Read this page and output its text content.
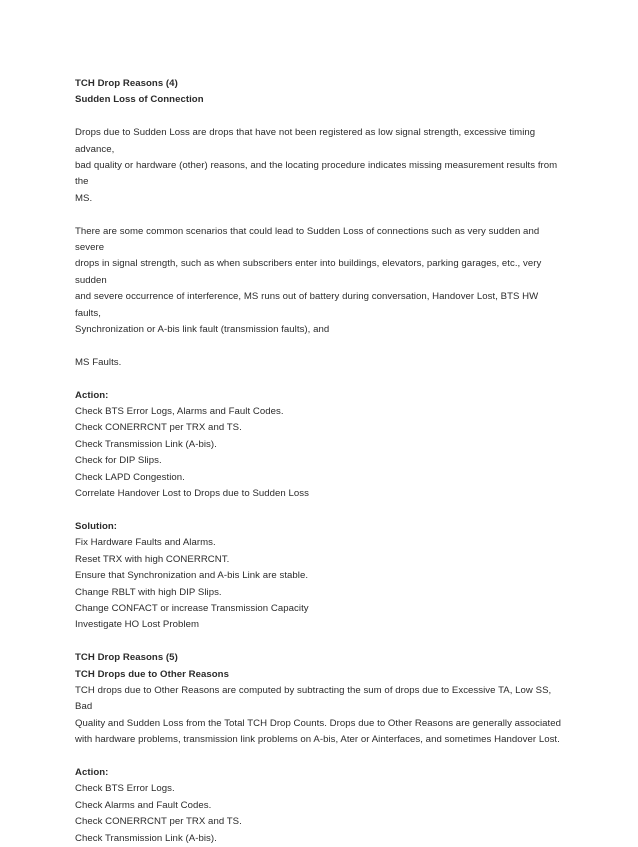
TCH Drop Reasons (4)

Sudden Loss of Connection

Drops due to Sudden Loss are drops that have not been registered as low signal strength, excessive timing advance,

bad quality or hardware (other) reasons, and the locating procedure indicates missing measurement results from the

MS.

There are some common scenarios that could lead to Sudden Loss of connections such as very sudden and severe

drops in signal strength, such as when subscribers enter into buildings, elevators, parking garages, etc., very sudden

and severe occurrence of interference, MS runs out of battery during conversation, Handover Lost, BTS HW faults,

Synchronization or A-bis link fault (transmission faults), and

MS Faults.

Action:

Check BTS Error Logs, Alarms and Fault Codes.

Check CONERRCNT per TRX and TS.

Check Transmission Link (A-bis).

Check for DIP Slips.

Check LAPD Congestion.

Correlate Handover Lost to Drops due to Sudden Loss

Solution:

Fix Hardware Faults and Alarms.

Reset TRX with high CONERRCNT.

Ensure that Synchronization and A-bis Link are stable.

Change RBLT with high DIP Slips.

Change CONFACT or increase Transmission Capacity

Investigate HO Lost Problem

TCH Drop Reasons (5)

TCH Drops due to Other Reasons

TCH drops due to Other Reasons are computed by subtracting the sum of drops due to Excessive TA, Low SS, Bad

Quality and Sudden Loss from the Total TCH Drop Counts. Drops due to Other Reasons are generally associated

with hardware problems, transmission link problems on A-bis, Ater or Ainterfaces, and sometimes Handover Lost.

Action:

Check BTS Error Logs.

Check Alarms and Fault Codes.

Check CONERRCNT per TRX and TS.

Check Transmission Link (A-bis).
